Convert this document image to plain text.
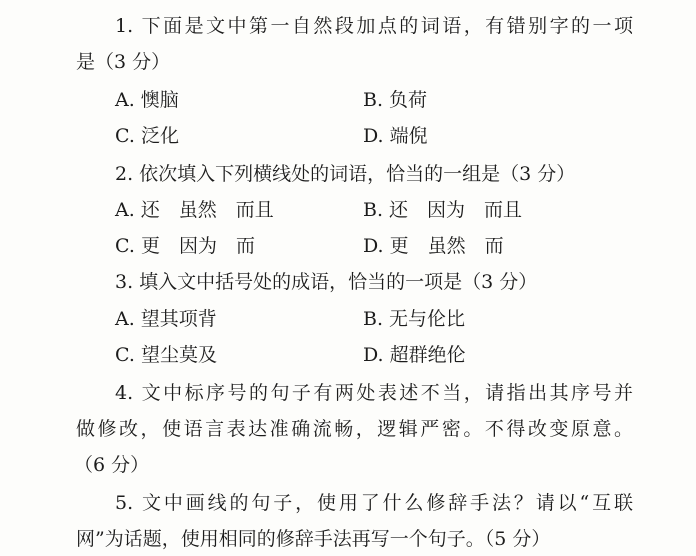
1. 下面是文中第一自然段加点的词语，有错别字的一项
是（3 分）
A. 懊脑	B. 负荷
C. 泛化	D. 端倪
2. 依次填入下列横线处的词语，恰当的一组是（3 分）
A. 还　虽然　而且	B. 还　因为　而且
C. 更　因为　而	D. 更　虽然　而
3. 填入文中括号处的成语，恰当的一项是（3 分）
A. 望其项背	B. 无与伦比
C. 望尘莫及	D. 超群绝伦
4. 文中标序号的句子有两处表述不当，请指出其序号并
做修改，使语言表达准确流畅，逻辑严密。不得改变原意。
（6 分）
5. 文中画线的句子，使用了什么修辞手法？请以“互联
网”为话题，使用相同的修辞手法再写一个句子。（5 分）
